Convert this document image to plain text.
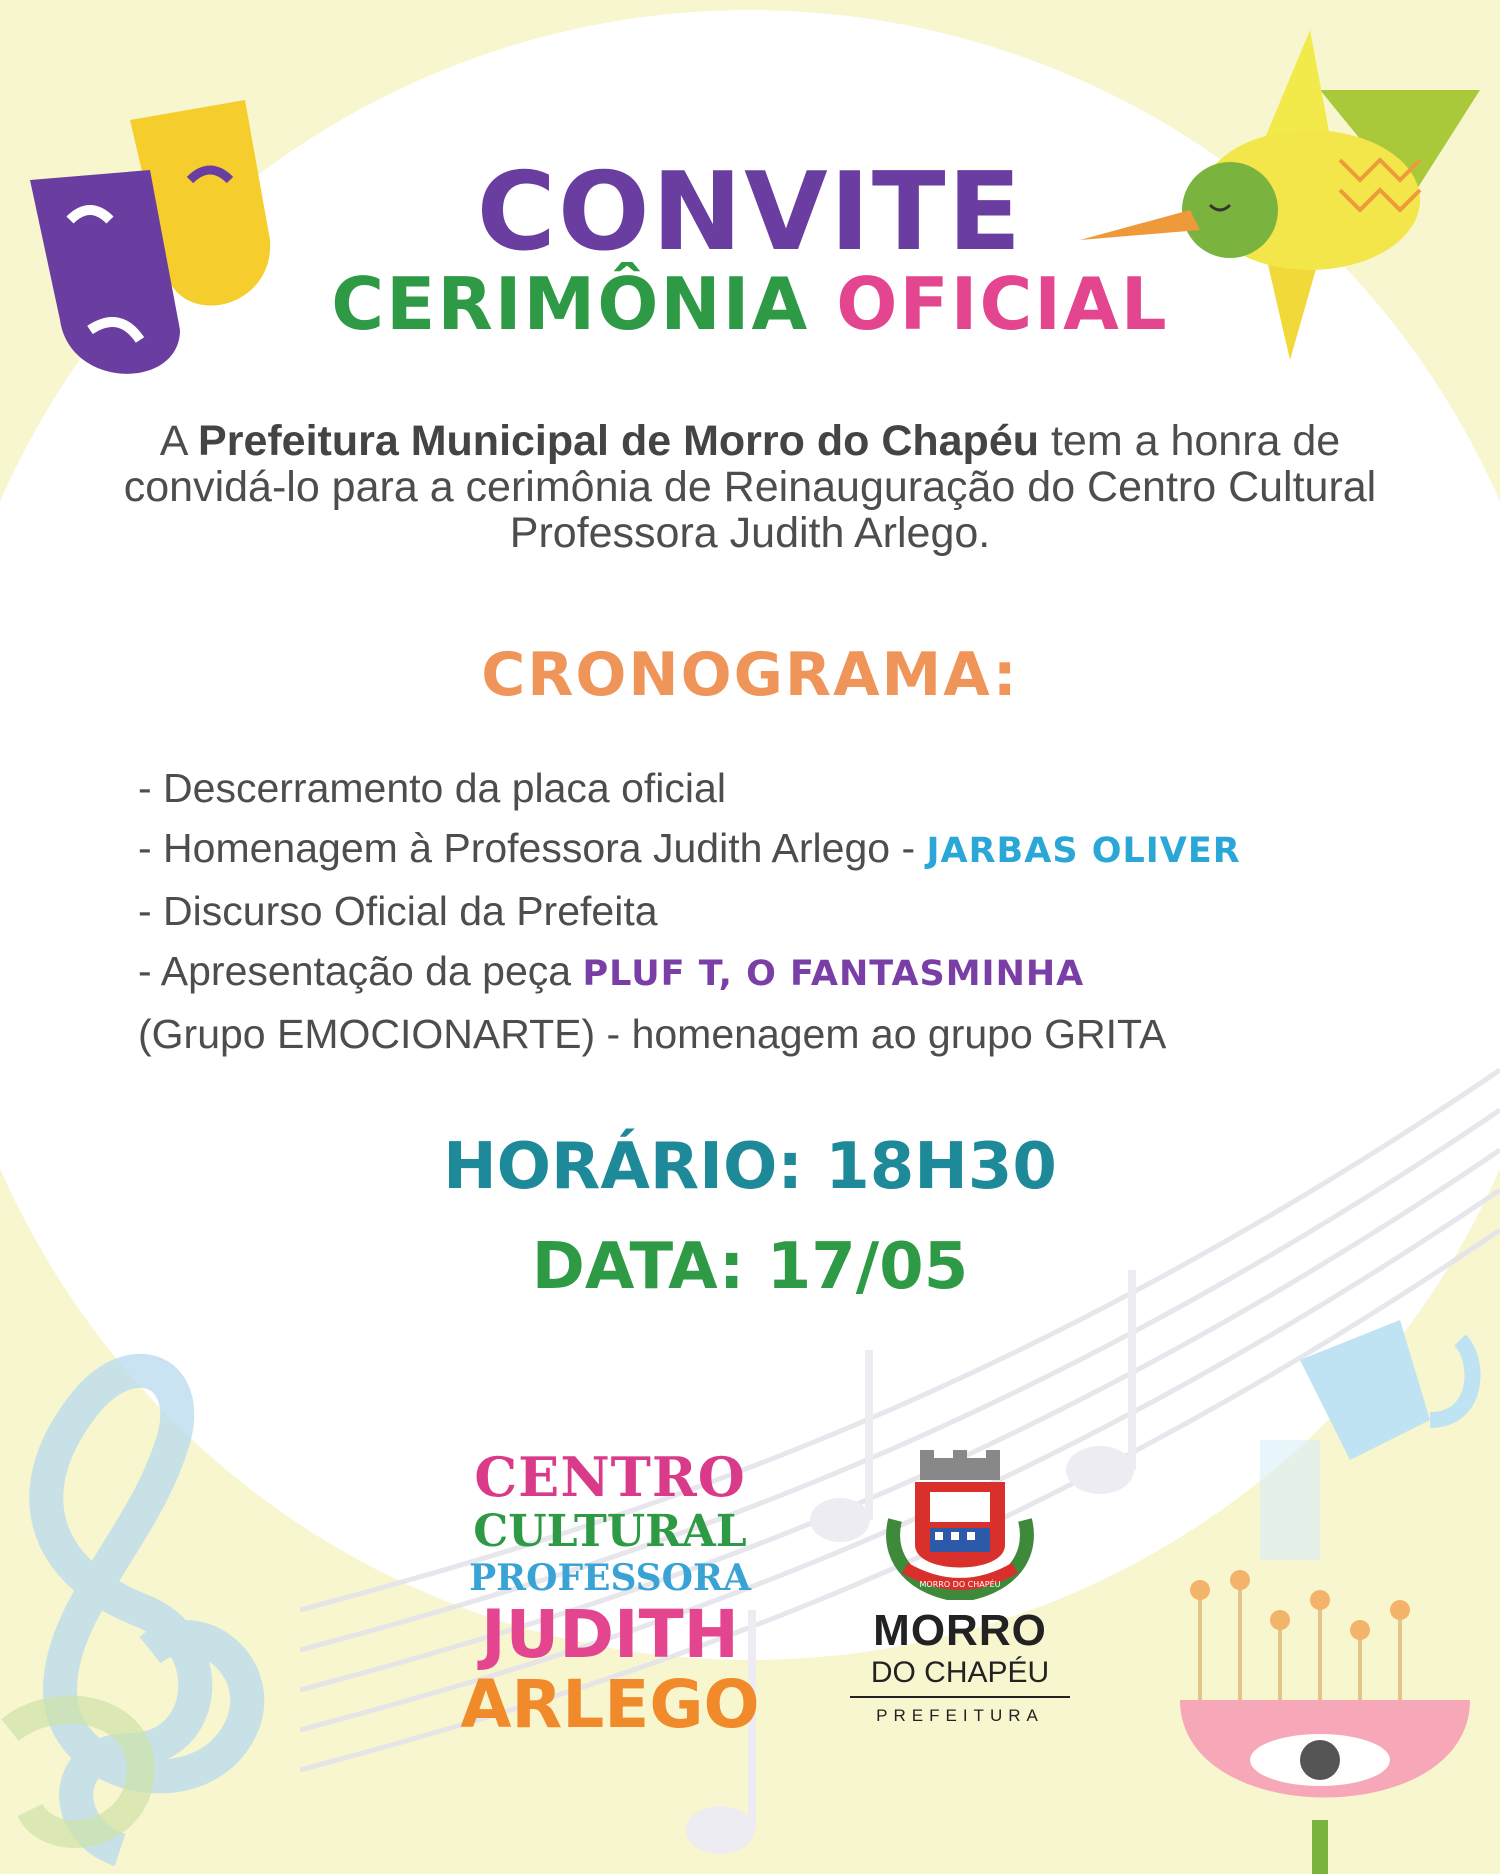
CONVITE
CERIMÔNIA OFICIAL
A Prefeitura Municipal de Morro do Chapéu tem a honra de convidá-lo para a cerimônia de Reinauguração do Centro Cultural Professora Judith Arlego.
CRONOGRAMA:
- Descerramento da placa oficial
- Homenagem à Professora Judith Arlego - JARBAS OLIVER
- Discurso Oficial da Prefeita
- Apresentação da peça PLUF T, O FANTASMINHA
(Grupo EMOCIONARTE) - homenagem ao grupo GRITA
HORÁRIO: 18H30
DATA: 17/05
CENTRO
CULTURAL
PROFESSORA
JUDITH
ARLEGO
MORRO DO CHAPÉU
MORRO
DO CHAPÉU
PREFEITURA
